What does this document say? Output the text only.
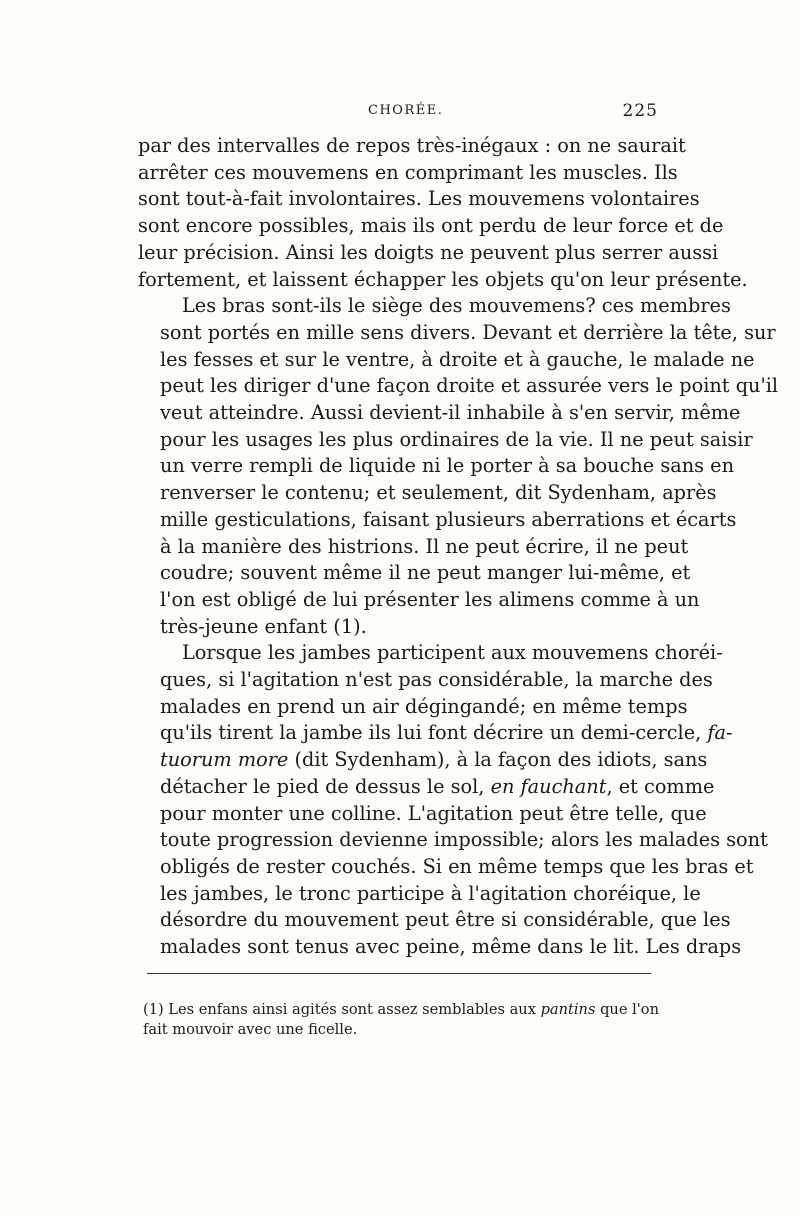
CHORÉE.	225

par des intervalles de repos très-inégaux : on ne saurait
arrêter ces mouvemens en comprimant les muscles. Ils
sont tout-à-fait involontaires. Les mouvemens volontaires
sont encore possibles, mais ils ont perdu de leur force et de
leur précision. Ainsi les doigts ne peuvent plus serrer aussi
fortement, et laissent échapper les objets qu'on leur présente.

Les bras sont-ils le siège des mouvemens? ces membres
sont portés en mille sens divers. Devant et derrière la tête, sur
les fesses et sur le ventre, à droite et à gauche, le malade ne
peut les diriger d'une façon droite et assurée vers le point qu'il
veut atteindre. Aussi devient-il inhabile à s'en servir, même
pour les usages les plus ordinaires de la vie. Il ne peut saisir
un verre rempli de liquide ni le porter à sa bouche sans en
renverser le contenu; et seulement, dit Sydenham, après
mille gesticulations, faisant plusieurs aberrations et écarts
à la manière des histrions. Il ne peut écrire, il ne peut
coudre; souvent même il ne peut manger lui-même, et
l'on est obligé de lui présenter les alimens comme à un
très-jeune enfant (1).

Lorsque les jambes participent aux mouvemens choréi-
ques, si l'agitation n'est pas considérable, la marche des
malades en prend un air dégingandé; en même temps
qu'ils tirent la jambe ils lui font décrire un demi-cercle, fa-
tuorum more (dit Sydenham), à la façon des idiots, sans
détacher le pied de dessus le sol, en fauchant, et comme
pour monter une colline. L'agitation peut être telle, que
toute progression devienne impossible; alors les malades sont
obligés de rester couchés. Si en même temps que les bras et
les jambes, le tronc participe à l'agitation choréique, le
désordre du mouvement peut être si considérable, que les
malades sont tenus avec peine, même dans le lit. Les draps

(1) Les enfans ainsi agités sont assez semblables aux pantins que l'on
fait mouvoir avec une ficelle.
